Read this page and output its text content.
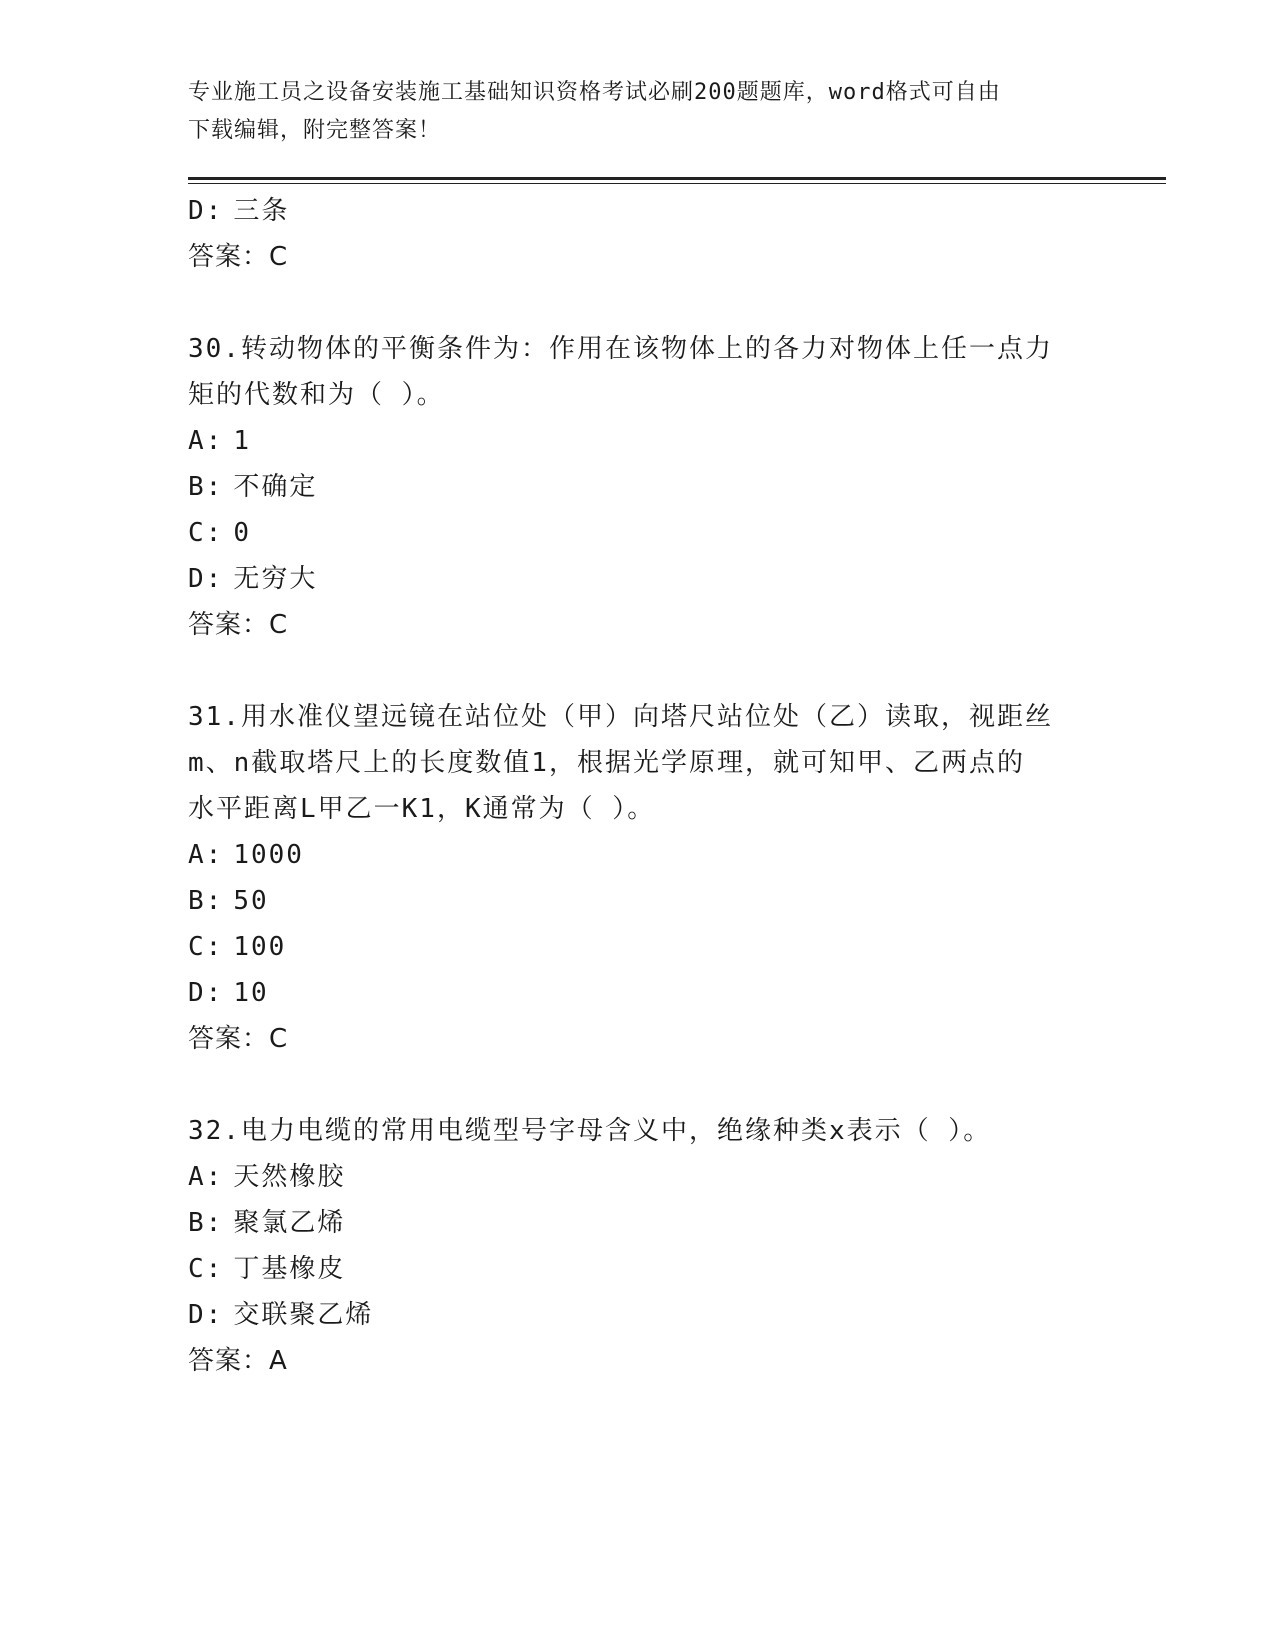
专业施工员之设备安装施工基础知识资格考试必刷200题题库，word格式可自由
下载编辑，附完整答案！
D: 三条
答案：C
30.转动物体的平衡条件为：作用在该物体上的各力对物体上任一点力
矩的代数和为（ ）。
A: 1
B: 不确定
C: 0
D: 无穷大
答案：C
31.用水准仪望远镜在站位处（甲）向塔尺站位处（乙）读取，视距丝
m、n截取塔尺上的长度数值1，根据光学原理，就可知甲、乙两点的
水平距离L甲乙一K1，K通常为（ ）。
A: 1000
B: 50
C: 100
D: 10
答案：C
32.电力电缆的常用电缆型号字母含义中，绝缘种类x表示（ ）。
A: 天然橡胶
B: 聚氯乙烯
C: 丁基橡皮
D: 交联聚乙烯
答案：A
